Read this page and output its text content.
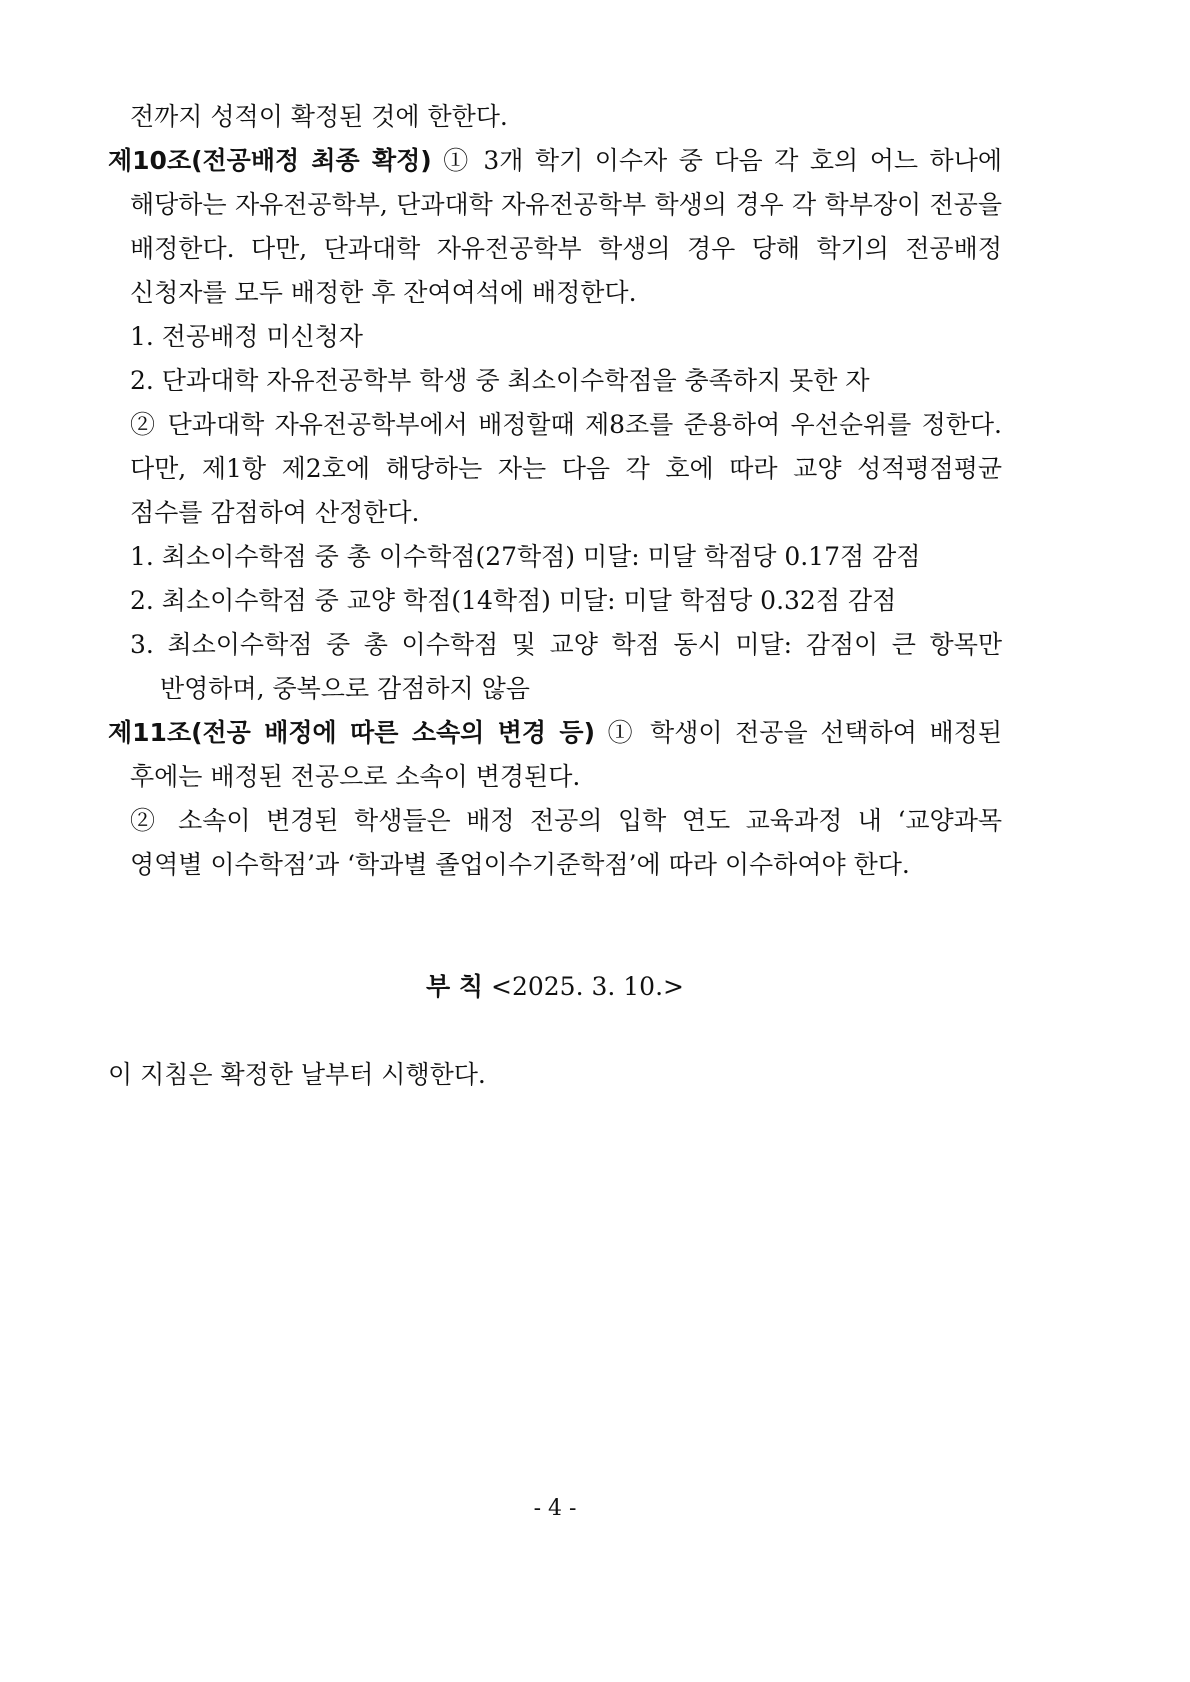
전까지 성적이 확정된 것에 한한다.
제10조(전공배정 최종 확정) ① 3개 학기 이수자 중 다음 각 호의 어느 하나에
해당하는 자유전공학부, 단과대학 자유전공학부 학생의 경우 각 학부장이 전공을
배정한다. 다만, 단과대학 자유전공학부 학생의 경우 당해 학기의 전공배정
신청자를 모두 배정한 후 잔여여석에 배정한다.
1. 전공배정 미신청자
2. 단과대학 자유전공학부 학생 중 최소이수학점을 충족하지 못한 자
② 단과대학 자유전공학부에서 배정할때 제8조를 준용하여 우선순위를 정한다.
다만, 제1항 제2호에 해당하는 자는 다음 각 호에 따라 교양 성적평점평균
점수를 감점하여 산정한다.
1. 최소이수학점 중 총 이수학점(27학점) 미달: 미달 학점당 0.17점 감점
2. 최소이수학점 중 교양 학점(14학점) 미달: 미달 학점당 0.32점 감점
3. 최소이수학점 중 총 이수학점 및 교양 학점 동시 미달: 감점이 큰 항목만
반영하며, 중복으로 감점하지 않음
제11조(전공 배정에 따른 소속의 변경 등) ① 학생이 전공을 선택하여 배정된
후에는 배정된 전공으로 소속이 변경된다.
② 소속이 변경된 학생들은 배정 전공의 입학 연도 교육과정 내 ‘교양과목
영역별 이수학점’과 ‘학과별 졸업이수기준학점’에 따라 이수하여야 한다.
부 칙 <2025. 3. 10.>
이 지침은 확정한 날부터 시행한다.
- 4 -
